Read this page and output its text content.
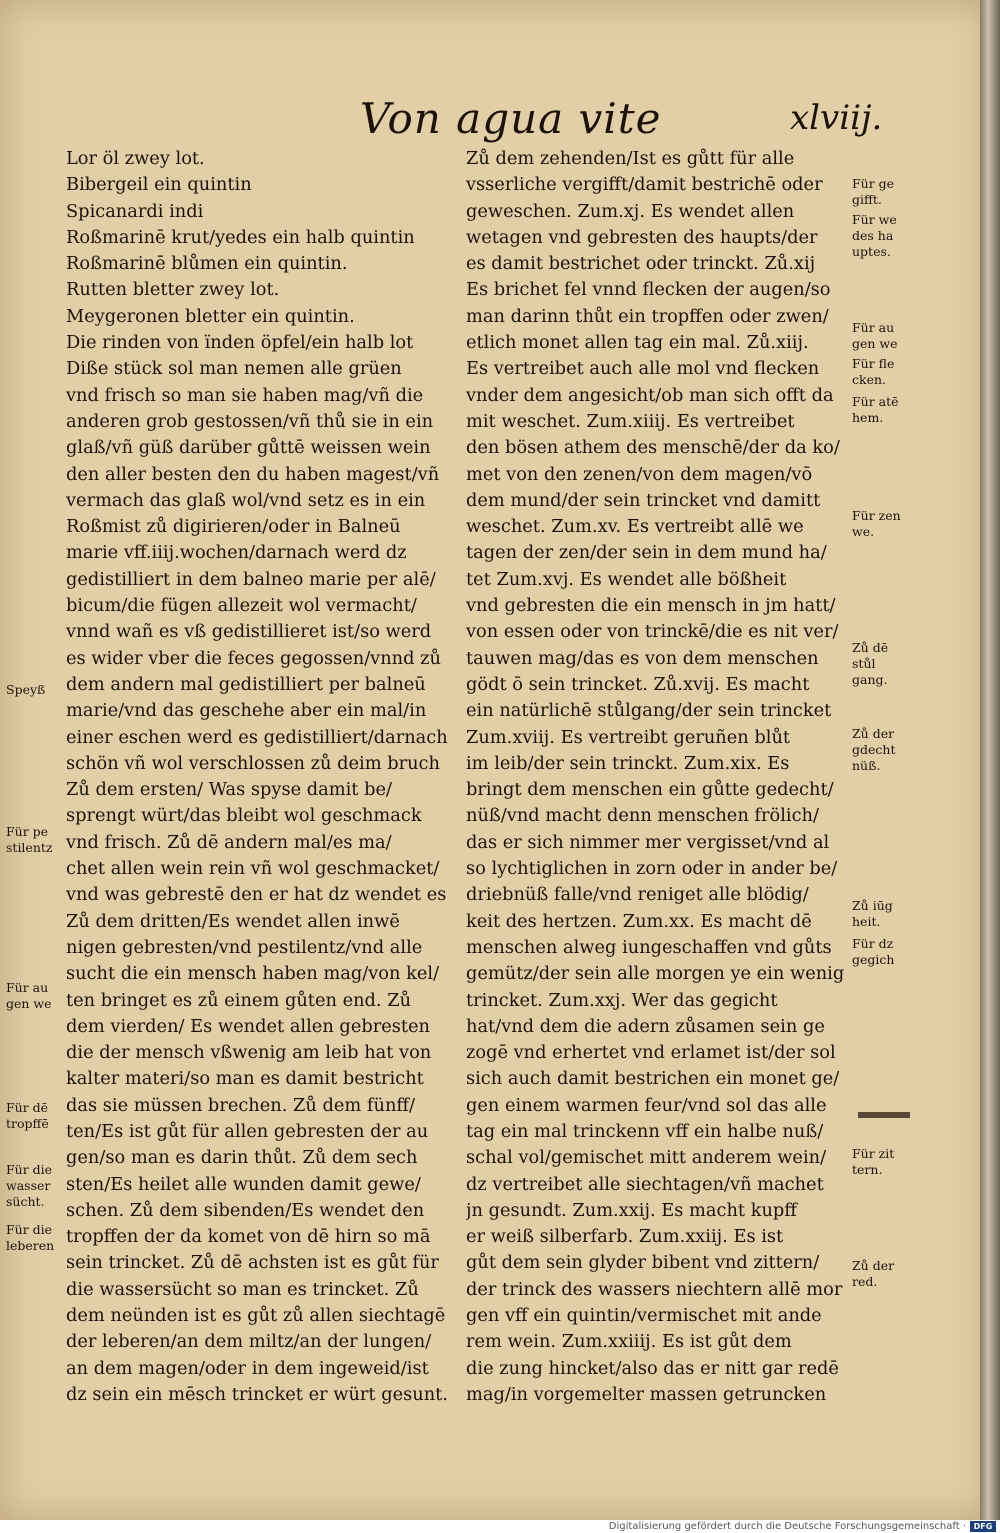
Von agua vite	xlviij.
Lor öl zwey lot.
Bibergeil ein quintin
Spicanardi indi
Roßmarinē krut/yedes ein halb quintin
Roßmarinē blůmen ein quintin.
Rutten bletter zwey lot.
Meygeronen bletter ein quintin.
Die rinden von ïnden öpfel/ein halb lot
Diße stück sol man nemen alle grüen
vnd frisch so man sie haben mag/vñ die
anderen grob gestossen/vñ thů sie in ein
glaß/vñ güß darüber gůttē weissen wein
den aller besten den du haben magest/vñ
vermach das glaß wol/vnd setz es in ein
Roßmist zů digirieren/oder in Balneū
marie vff.iiij.wochen/darnach werd dz
gedistilliert in dem balneo marie per alē/
bicum/die fügen allezeit wol vermacht/
vnnd wañ es vß gedistillieret ist/so werd
es wider vber die feces gegossen/vnnd zů
dem andern mal gedistilliert per balneū
marie/vnd das geschehe aber ein mal/in
einer eschen werd es gedistilliert/darnach
schön vñ wol verschlossen zů deim bruch
Zů dem ersten/ Was spyse damit be/
sprengt würt/das bleibt wol geschmack
vnd frisch. Zů dē andern mal/es ma/
chet allen wein rein vñ wol geschmacket/
vnd was gebrestē den er hat dz wendet es
Zů dem dritten/Es wendet allen inwē
nigen gebresten/vnd pestilentz/vnd alle
sucht die ein mensch haben mag/von kel/
ten bringet es zů einem gůten end. Zů
dem vierden/ Es wendet allen gebresten
die der mensch vßwenig am leib hat von
kalter materi/so man es damit bestricht
das sie müssen brechen. Zů dem fünff/
ten/Es ist gůt für allen gebresten der au
gen/so man es darin thůt. Zů dem sech
sten/Es heilet alle wunden damit gewe/
schen. Zů dem sibenden/Es wendet den
tropffen der da komet von dē hirn so mā
sein trincket. Zů dē achsten ist es gůt für
die wassersücht so man es trincket. Zů
dem neünden ist es gůt zů allen siechtagē
der leberen/an dem miltz/an der lungen/
an dem magen/oder in dem ingeweid/ist
dz sein ein mēsch trincket er würt gesunt.
Zů dem zehenden/Ist es gůtt für alle
vsserliche vergifft/damit bestrichē oder
geweschen. Zum.xj. Es wendet allen
wetagen vnd gebresten des haupts/der
es damit bestrichet oder trinckt. Zů.xij
Es brichet fel vnnd flecken der augen/so
man darinn thůt ein tropffen oder zwen/
etlich monet allen tag ein mal. Zů.xiij.
Es vertreibet auch alle mol vnd flecken
vnder dem angesicht/ob man sich offt da
mit weschet. Zum.xiiij. Es vertreibet
den bösen athem des menschē/der da ko/
met von den zenen/von dem magen/vō
dem mund/der sein trincket vnd damitt
weschet. Zum.xv. Es vertreibt allē we
tagen der zen/der sein in dem mund ha/
tet Zum.xvj. Es wendet alle bößheit
vnd gebresten die ein mensch in jm hatt/
von essen oder von trinckē/die es nit ver/
tauwen mag/das es von dem menschen
gödt ō sein trincket. Zů.xvij. Es macht
ein natürlichē stůlgang/der sein trincket
Zum.xviij. Es vertreibt geruñen blůt
im leib/der sein trinckt. Zum.xix. Es
bringt dem menschen ein gůtte gedecht/
nüß/vnd macht denn menschen frölich/
das er sich nimmer mer vergisset/vnd al
so lychtiglichen in zorn oder in ander be/
driebnüß falle/vnd reniget alle blödig/
keit des hertzen. Zum.xx. Es macht dē
menschen alweg iungeschaffen vnd gůts
gemütz/der sein alle morgen ye ein wenig
trincket. Zum.xxj. Wer das gegicht
hat/vnd dem die adern zůsamen sein ge
zogē vnd erhertet vnd erlamet ist/der sol
sich auch damit bestrichen ein monet ge/
gen einem warmen feur/vnd sol das alle
tag ein mal trinckenn vff ein halbe nuß/
schal vol/gemischet mitt anderem wein/
dz vertreibet alle siechtagen/vñ machet
jn gesundt. Zum.xxij. Es macht kupff
er weiß silberfarb. Zum.xxiij. Es ist
gůt dem sein glyder bibent vnd zittern/
der trinck des wassers niechtern allē mor
gen vff ein quintin/vermischet mit ande
rem wein. Zum.xxiiij. Es ist gůt dem
die zung hincket/also das er nitt gar redē
mag/in vorgemelter massen getruncken
Speyß
Für pe
stilentz
Für au
gen we
Für dē
tropffē
Für die
wasser
sücht.
Für die
leberen
Für ge
gifft.
Für we
des ha
uptes.
Für au
gen we
Für fle
cken.
Für atē
hem.
Für zen
we.
Zů dē
stůl
gang.
Zů der
gdecht
nüß.
Zů iūg
heit.
Für dz
gegich
Für zit
tern.
Zů der
red.
Digitalisierung gefördert durch die Deutsche Forschungsgemeinschaft · DFG
